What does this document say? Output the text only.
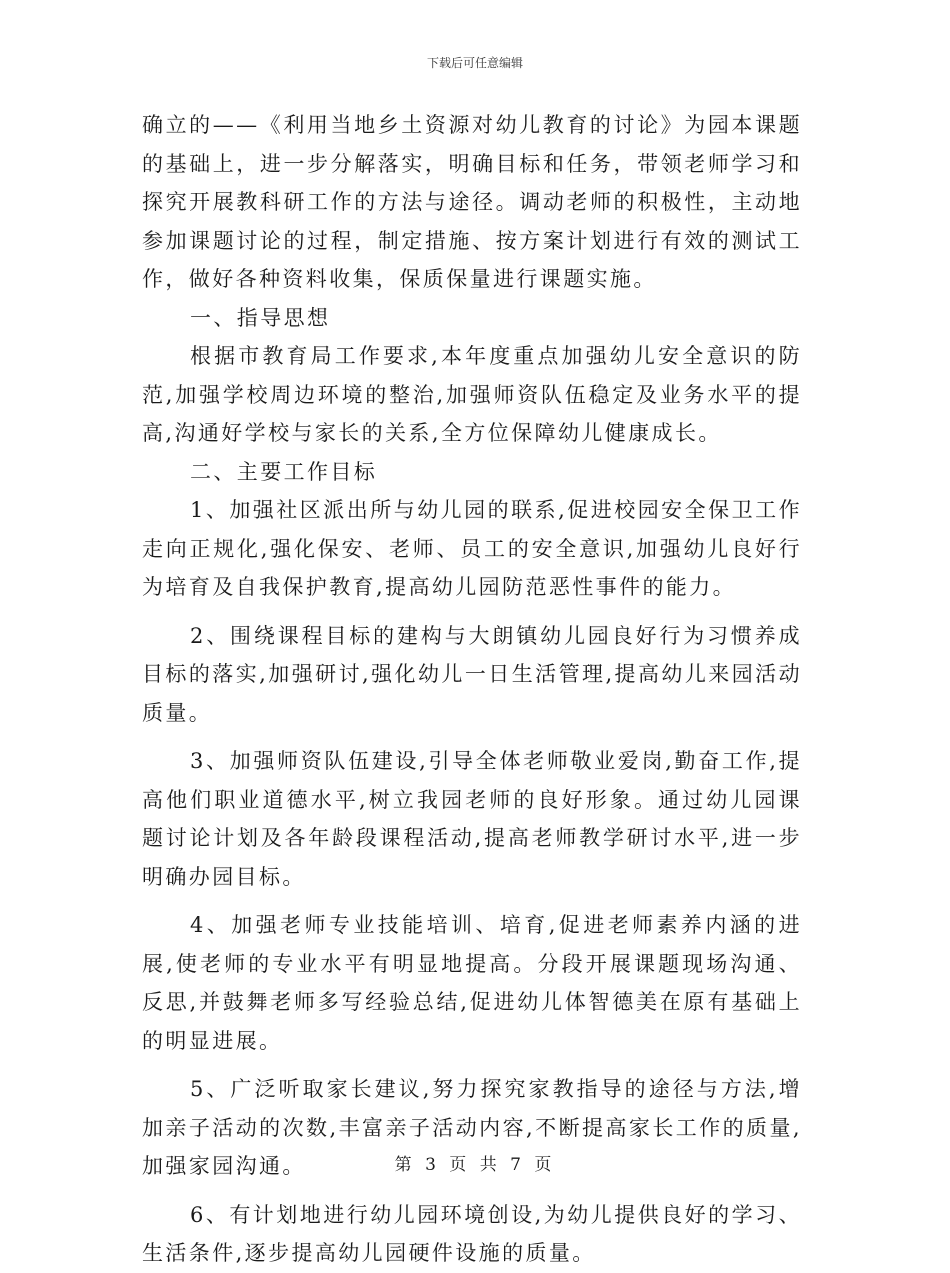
下载后可任意编辑

确立的——《利用当地乡土资源对幼儿教育的讨论》为园本课题的基础上，进一步分解落实，明确目标和任务，带领老师学习和探究开展教科研工作的方法与途径。调动老师的积极性，主动地参加课题讨论的过程，制定措施、按方案计划进行有效的测试工作，做好各种资料收集，保质保量进行课题实施。

一、指导思想

根据市教育局工作要求,本年度重点加强幼儿安全意识的防范,加强学校周边环境的整治,加强师资队伍稳定及业务水平的提高,沟通好学校与家长的关系,全方位保障幼儿健康成长。

二、主要工作目标

1、加强社区派出所与幼儿园的联系,促进校园安全保卫工作走向正规化,强化保安、老师、员工的安全意识,加强幼儿良好行为培育及自我保护教育,提高幼儿园防范恶性事件的能力。

2、围绕课程目标的建构与大朗镇幼儿园良好行为习惯养成目标的落实,加强研讨,强化幼儿一日生活管理,提高幼儿来园活动质量。

3、加强师资队伍建设,引导全体老师敬业爱岗,勤奋工作,提高他们职业道德水平,树立我园老师的良好形象。通过幼儿园课题讨论计划及各年龄段课程活动,提高老师教学研讨水平,进一步明确办园目标。

4、加强老师专业技能培训、培育,促进老师素养内涵的进展,使老师的专业水平有明显地提高。分段开展课题现场沟通、反思,并鼓舞老师多写经验总结,促进幼儿体智德美在原有基础上的明显进展。

5、广泛听取家长建议,努力探究家教指导的途径与方法,增加亲子活动的次数,丰富亲子活动内容,不断提高家长工作的质量,加强家园沟通。

6、有计划地进行幼儿园环境创设,为幼儿提供良好的学习、生活条件,逐步提高幼儿园硬件设施的质量。

第 3 页 共 7 页
